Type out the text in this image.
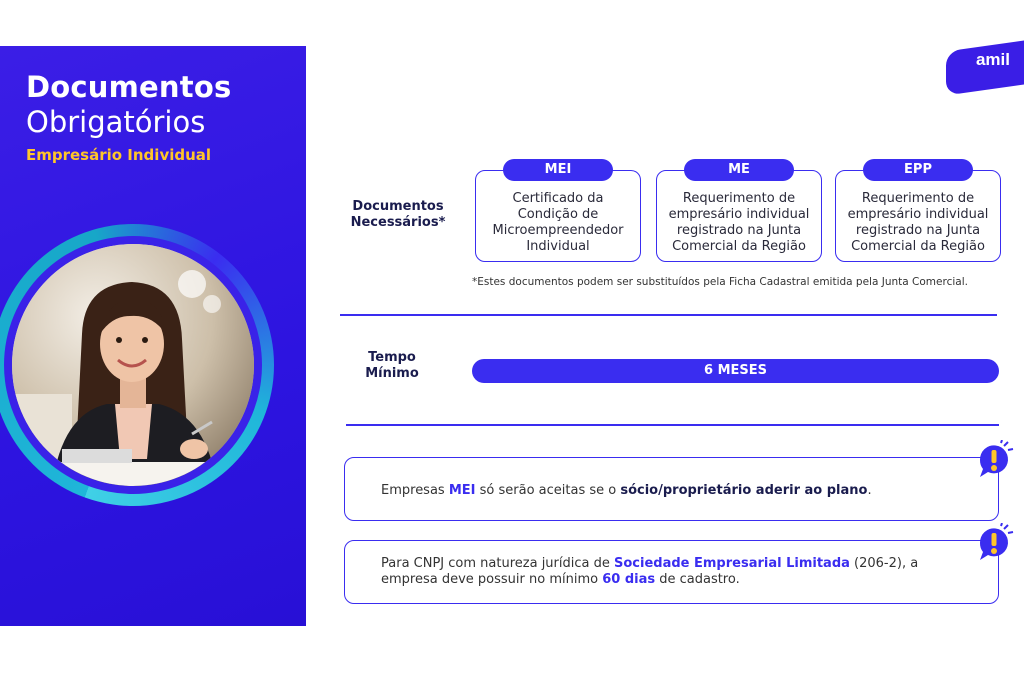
Documentos
Obrigatórios
Empresário Individual
amil
Documentos
Necessários*
MEI
Certificado da
Condição de
Microempreendedor
Individual
ME
Requerimento de
empresário individual
registrado na Junta
Comercial da Região
EPP
Requerimento de
empresário individual
registrado na Junta
Comercial da Região
*Estes documentos podem ser substituídos pela Ficha Cadastral emitida pela Junta Comercial.
Tempo
Mínimo	6 MESES
Empresas MEI só serão aceitas se o sócio/proprietário aderir ao plano.
Para CNPJ com natureza jurídica de Sociedade Empresarial Limitada (206-2), a
empresa deve possuir no mínimo 60 dias de cadastro.
